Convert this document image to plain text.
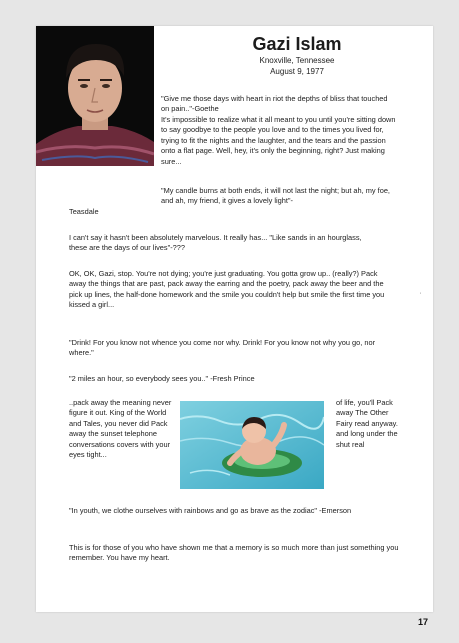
Gazi Islam
Knoxville, Tennessee
August 9, 1977
"Give me those days with heart in riot the depths of bliss that touched on pain.."-Goethe
It's impossible to realize what it all meant to you until you're sitting down to say goodbye to the people you love and to the times you lived for, trying to fit the nights and the laughter, and the tears and the passion onto a flat page. Well, hey, it's only the beginning, right? Just making sure...
"My candle burns at both ends, it will not last the night; but ah, my foe, and ah, my friend, it gives a lovely light"-
Teasdale
I can't say it hasn't been absolutely marvelous. It really has... "Like sands in an hourglass, these are the days of our lives"-???
OK, OK, Gazi, stop. You're not dying; you're just graduating. You gotta grow up.. (really?) Pack away the things that are past, pack away the earring and the poetry, pack away the beer and the pick up lines, the half-done homework and the smile you couldn't help but smile the first time you kissed a girl...
'
"Drink! For you know not whence you come nor why. Drink! For you know not why you go, nor where."
"2 miles an hour, so everybody sees you.." -Fresh Prince
..pack away the meaning never figure it out. King of the World and Tales, you never did Pack away the sunset telephone conversations covers with your eyes tight...
of life, you'll Pack away The Other Fairy read anyway. and long under the shut real
"In youth, we clothe ourselves with rainbows and go as brave as the zodiac" -Emerson
This is for those of you who have shown me that a memory is so much more than just something you remember. You have my heart.
17
